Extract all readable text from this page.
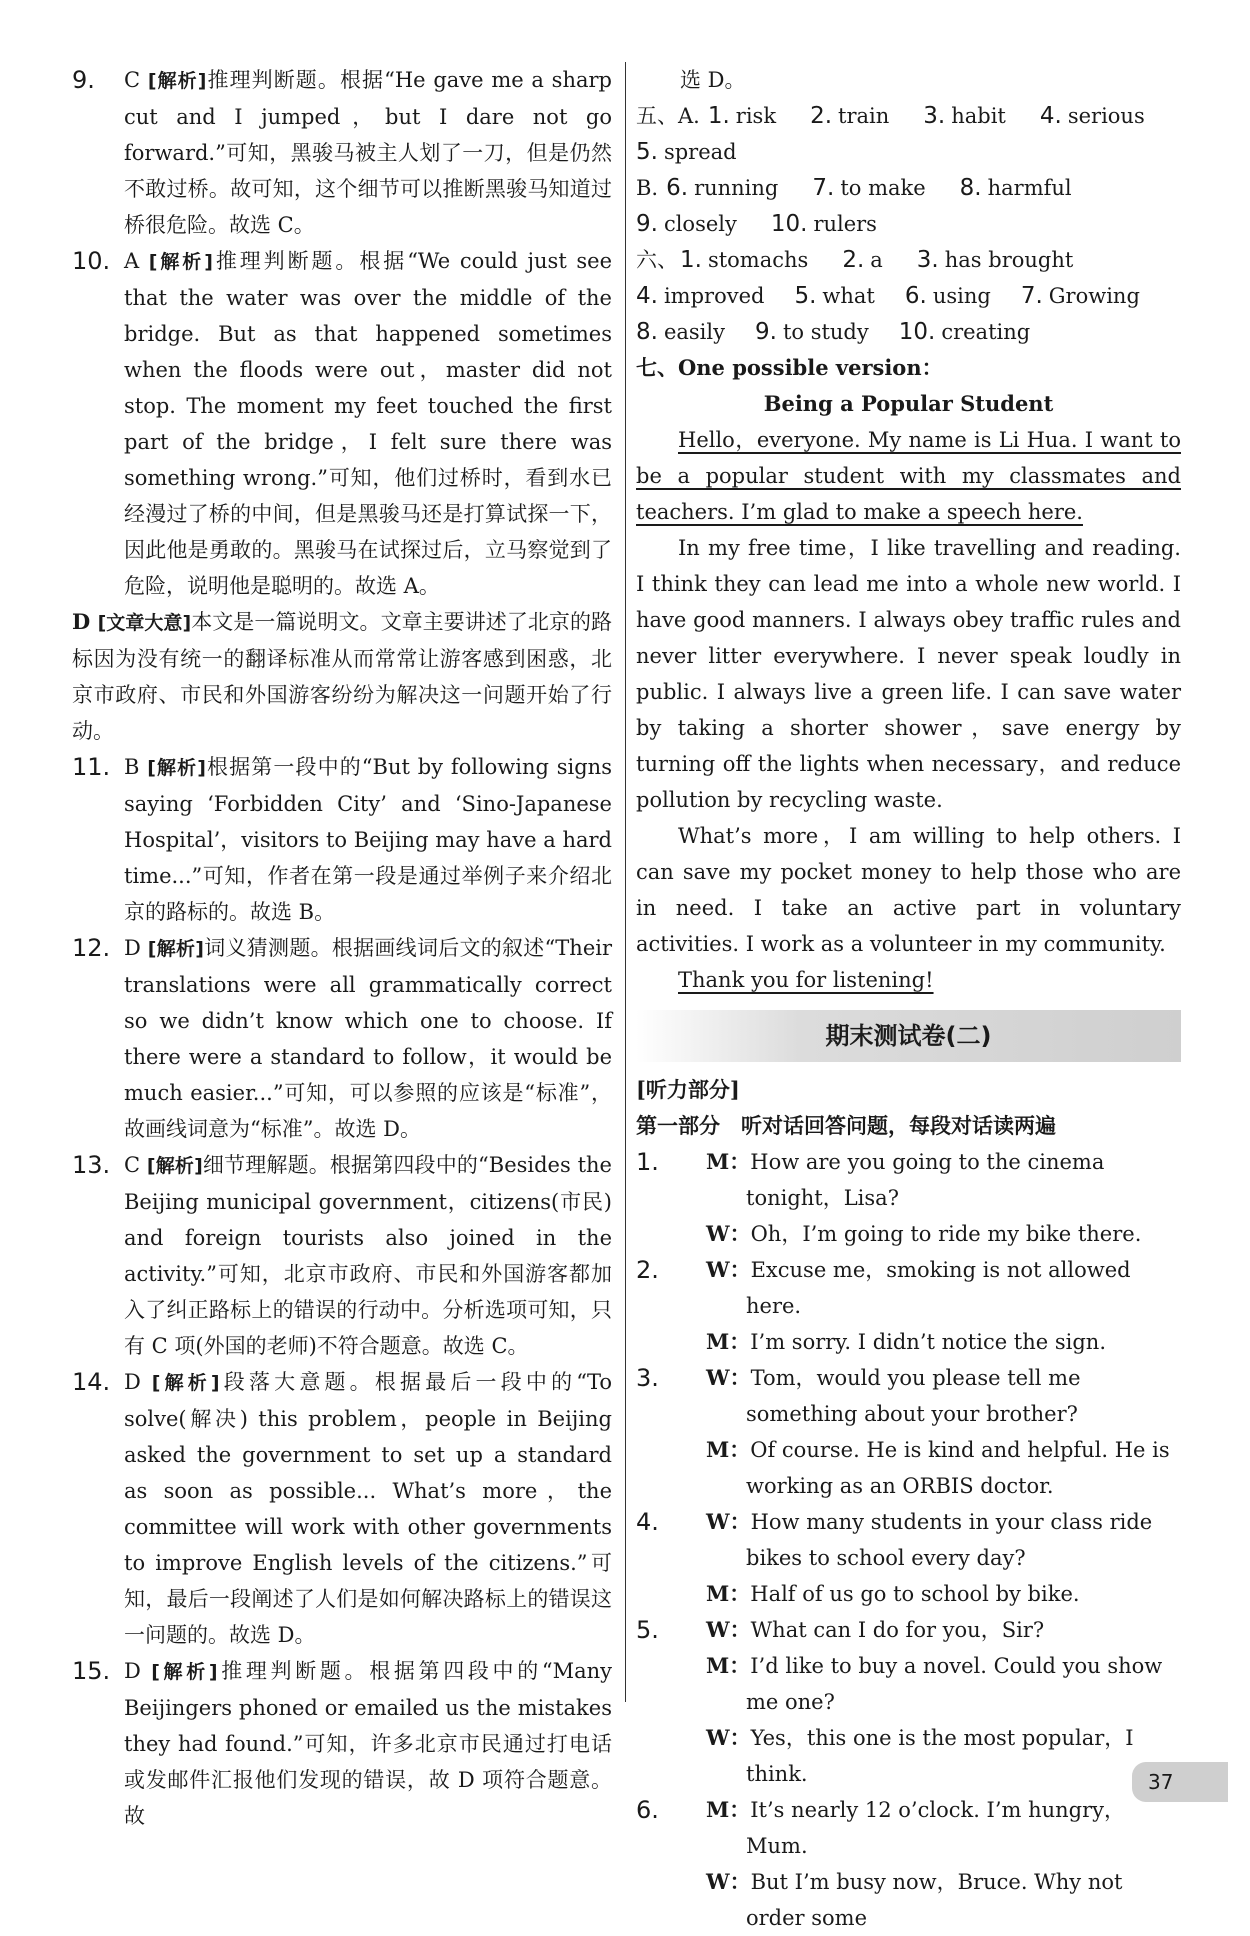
9. C [解析]推理判断题。根据“He gave me a sharp cut and I jumped，but I dare not go forward.”可知，黑骏马被主人划了一刀，但是仍然不敢过桥。故可知，这个细节可以推断黑骏马知道过桥很危险。故选 C。
10. A [解析]推理判断题。根据“We could just see that the water was over the middle of the bridge. But as that happened sometimes when the floods were out，master did not stop. The moment my feet touched the first part of the bridge，I felt sure there was something wrong.”可知，他们过桥时，看到水已经漫过了桥的中间，但是黑骏马还是打算试探一下，因此他是勇敢的。黑骏马在试探过后，立马察觉到了危险，说明他是聪明的。故选 A。
D [文章大意]本文是一篇说明文。文章主要讲述了北京的路标因为没有统一的翻译标准从而常常让游客感到困惑，北京市政府、市民和外国游客纷纷为解决这一问题开始了行动。
11. B [解析]根据第一段中的“But by following signs saying ‘Forbidden City’ and ‘Sino-Japanese Hospital’，visitors to Beijing may have a hard time...”可知，作者在第一段是通过举例子来介绍北京的路标的。故选 B。
12. D [解析]词义猜测题。根据画线词后文的叙述“Their translations were all grammatically correct so we didn’t know which one to choose. If there were a standard to follow，it would be much easier...”可知，可以参照的应该是“标准”，故画线词意为“标准”。故选 D。
13. C [解析]细节理解题。根据第四段中的“Besides the Beijing municipal government，citizens(市民) and foreign tourists also joined in the activity.”可知，北京市政府、市民和外国游客都加入了纠正路标上的错误的行动中。分析选项可知，只有 C 项(外国的老师)不符合题意。故选 C。
14. D [解析]段落大意题。根据最后一段中的“To solve(解决) this problem，people in Beijing asked the government to set up a standard as soon as possible... What’s more，the committee will work with other governments to improve English levels of the citizens.”可知，最后一段阐述了人们是如何解决路标上的错误这一问题的。故选 D。
15. D [解析]推理判断题。根据第四段中的“Many Beijingers phoned or emailed us the mistakes they had found.”可知，许多北京市民通过打电话或发邮件汇报他们发现的错误，故 D 项符合题意。故
选 D。
五、A. 1. risk 2. train 3. habit 4. serious
5. spread
B. 6. running 7. to make 8. harmful
9. closely 10. rulers
六、 1. stomachs 2. a 3. has brought
4. improved 5. what 6. using 7. Growing
8. easily 9. to study 10. creating
七、One possible version：
Being a Popular Student
Hello，everyone. My name is Li Hua. I want to be a popular student with my classmates and teachers. I’m glad to make a speech here.
In my free time，I like travelling and reading. I think they can lead me into a whole new world. I have good manners. I always obey traffic rules and never litter everywhere. I never speak loudly in public. I always live a green life. I can save water by taking a shorter shower，save energy by turning off the lights when necessary，and reduce pollution by recycling waste.
What’s more，I am willing to help others. I can save my pocket money to help those who are in need. I take an active part in voluntary activities. I work as a volunteer in my community.
Thank you for listening!
期末测试卷(二)
[听力部分]
第一部分　听对话回答问题，每段对话读两遍
1.	M：How are you going to the cinema tonight，Lisa?
W：Oh，I’m going to ride my bike there.
2.	W：Excuse me，smoking is not allowed here.
M：I’m sorry. I didn’t notice the sign.
3.	W：Tom，would you please tell me something about your brother?
M：Of course. He is kind and helpful. He is working as an ORBIS doctor.
4.	W：How many students in your class ride bikes to school every day?
M：Half of us go to school by bike.
5.	W：What can I do for you，Sir?
M：I’d like to buy a novel. Could you show me one?
W：Yes，this one is the most popular，I think.
6.	M：It’s nearly 12 o’clock. I’m hungry，Mum.
W：But I’m busy now，Bruce. Why not order some
37
